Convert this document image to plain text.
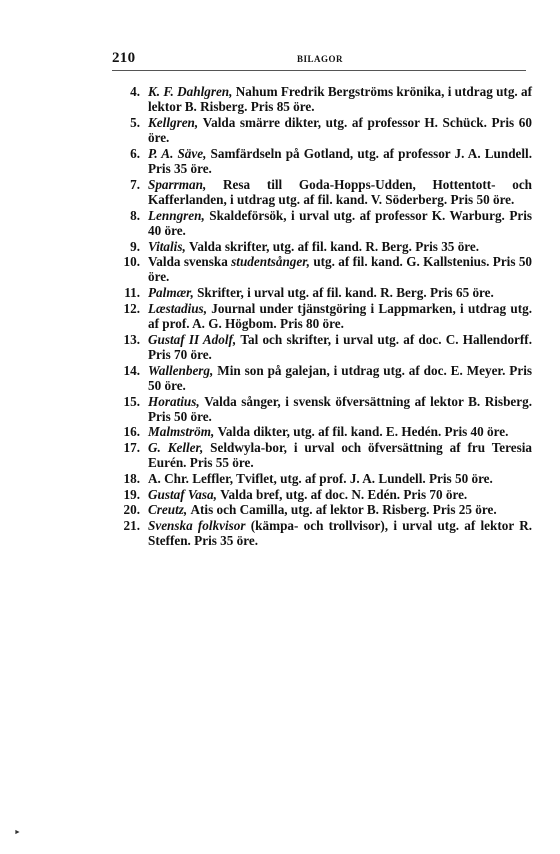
210	BILAGOR
4. K. F. Dahlgren, Nahum Fredrik Bergströms krönika, i utdrag utg. af lektor B. Risberg. Pris 85 öre.
5. Kellgren, Valda smärre dikter, utg. af professor H. Schück. Pris 60 öre.
6. P. A. Säve, Samfärdseln på Gotland, utg. af professor J. A. Lundell. Pris 35 öre.
7. Sparrman, Resa till Goda-Hopps-Udden, Hottentott- och Kafferlanden, i utdrag utg. af fil. kand. V. Söderberg. Pris 50 öre.
8. Lenngren, Skaldeförsök, i urval utg. af professor K. Warburg. Pris 40 öre.
9. Vitalis, Valda skrifter, utg. af fil. kand. R. Berg. Pris 35 öre.
10. Valda svenska studentsånger, utg. af fil. kand. G. Kallstenius. Pris 50 öre.
11. Palmær, Skrifter, i urval utg. af fil. kand. R. Berg. Pris 65 öre.
12. Læstadius, Journal under tjänstgöring i Lappmarken, i utdrag utg. af prof. A. G. Högbom. Pris 80 öre.
13. Gustaf II Adolf, Tal och skrifter, i urval utg. af doc. C. Hallendorff. Pris 70 öre.
14. Wallenberg, Min son på galejan, i utdrag utg. af doc. E. Meyer. Pris 50 öre.
15. Horatius, Valda sånger, i svensk öfversättning af lektor B. Risberg. Pris 50 öre.
16. Malmström, Valda dikter, utg. af fil. kand. E. Hedén. Pris 40 öre.
17. G. Keller, Seldwyla-bor, i urval och öfversättning af fru Teresia Eurén. Pris 55 öre.
18. A. Chr. Leffler, Tviflet, utg. af prof. J. A. Lundell. Pris 50 öre.
19. Gustaf Vasa, Valda bref, utg. af doc. N. Edén. Pris 70 öre.
20. Creutz, Atis och Camilla, utg. af lektor B. Risberg. Pris 25 öre.
21. Svenska folkvisor (kämpa- och trollvisor), i urval utg. af lektor R. Steffen. Pris 35 öre.
►
